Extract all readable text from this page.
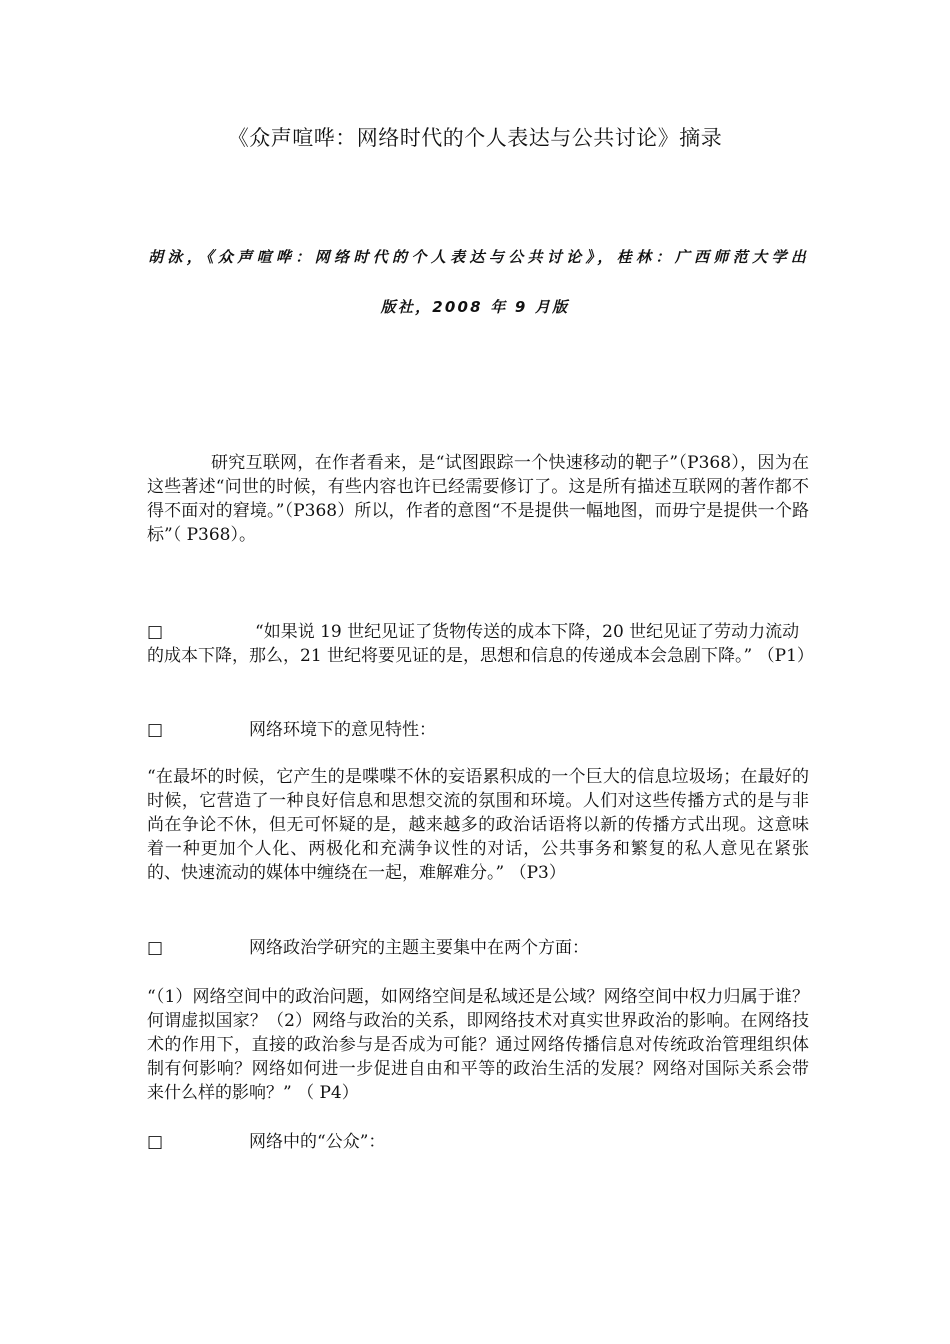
《众声喧哗：网络时代的个人表达与公共讨论》摘录
胡泳，《众声喧哗：网络时代的个人表达与公共讨论》，桂林：广西师范大学出
版社，2008 年 9 月版
研究互联网，在作者看来，是“试图跟踪一个快速移动的靶子”（P368），因为在这些著述“问世的时候，有些内容也许已经需要修订了。这是所有描述互联网的著作都不得不面对的窘境。”（P368）所以，作者的意图“不是提供一幅地图，而毋宁是提供一个路标”（ P368）。
□	“如果说 19 世纪见证了货物传送的成本下降，20 世纪见证了劳动力流动的成本下降，那么，21 世纪将要见证的是，思想和信息的传递成本会急剧下降。” （P1）
□	网络环境下的意见特性：
“在最坏的时候，它产生的是喋喋不休的妄语累积成的一个巨大的信息垃圾场；在最好的时候，它营造了一种良好信息和思想交流的氛围和环境。人们对这些传播方式的是与非尚在争论不休，但无可怀疑的是，越来越多的政治话语将以新的传播方式出现。这意味着一种更加个人化、两极化和充满争议性的对话，公共事务和繁复的私人意见在紧张的、快速流动的媒体中缠绕在一起，难解难分。” （P3）
□	网络政治学研究的主题主要集中在两个方面：
“（1）网络空间中的政治问题，如网络空间是私域还是公域？网络空间中权力归属于谁？何谓虚拟国家？（2）网络与政治的关系，即网络技术对真实世界政治的影响。在网络技术的作用下，直接的政治参与是否成为可能？通过网络传播信息对传统政治管理组织体制有何影响？网络如何进一步促进自由和平等的政治生活的发展？网络对国际关系会带来什么样的影响？” （ P4）
□	网络中的“公众”：
